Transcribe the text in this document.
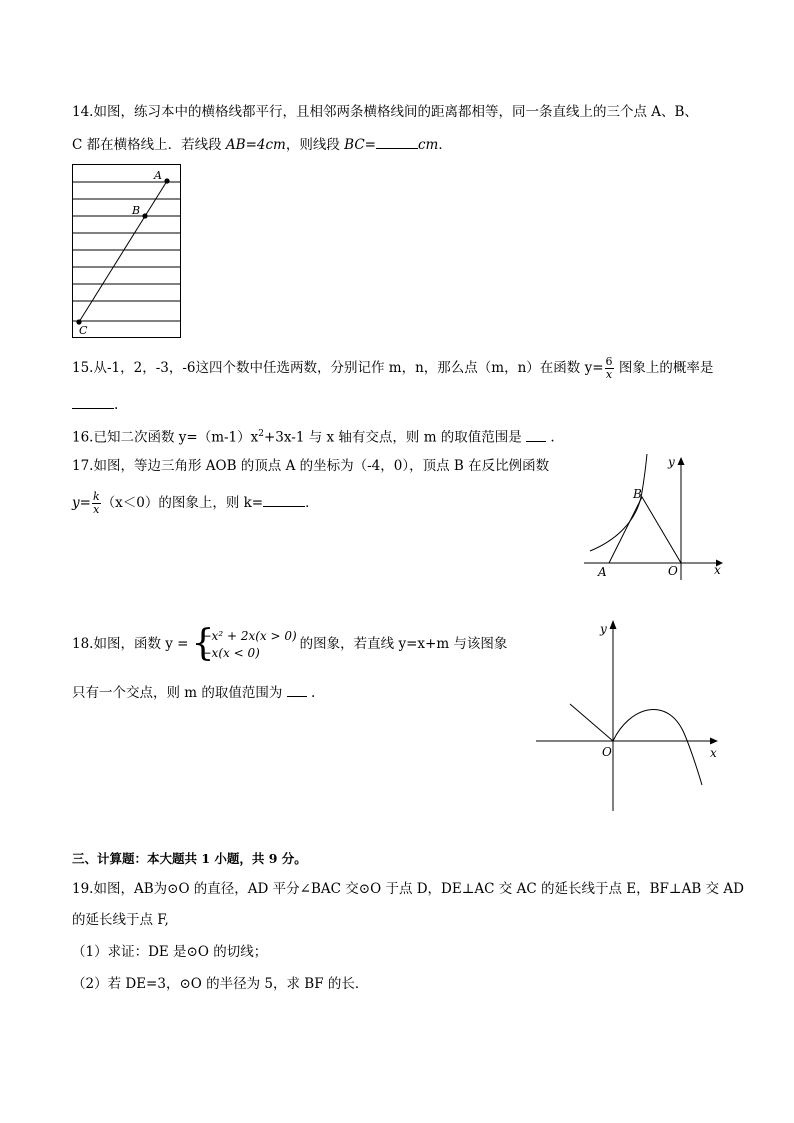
14.如图，练习本中的横格线都平行，且相邻两条横格线间的距离都相等，同一条直线上的三个点 A、B、
C 都在横格线上．若线段 AB=4cm，则线段 BC=	cm．
A
B
C
15.从-1，2，-3，-6这四个数中任选两数，分别记作 m，n，那么点（m，n）在函数 $y= \frac{6}{x}$ 图象上的概率是
.
16.已知二次函数 $y=(m-1)x^2+3x-1$ 与 x 轴有交点，则 m 的取值范围是 .
17.如图，等边三角形 AOB 的顶点 A 的坐标为（-4，0），顶点 B 在反比例函数
$y= \frac{k}{x} (x<0)$的图象上，则 k=	．
y
B
A	O	x
18.如图，函数 y = {
−x² + 2x(x > 0)
−x(x < 0)
的图象，若直线 y=x+m 与该图象
只有一个交点，则 m 的取值范围为 .
y
O	x
三、计算题：本大题共 1 小题，共 9 分。
19.如图，AB为⊙O 的直径，AD 平分∠BAC 交⊙O 于点 D，DE⊥AC 交 AC 的延长线于点 E，BF⊥AB 交 AD
的延长线于点 F,
（1）求证：DE 是⊙O 的切线；
（2）若 DE=3，⊙O 的半径为 5，求 BF 的长．
